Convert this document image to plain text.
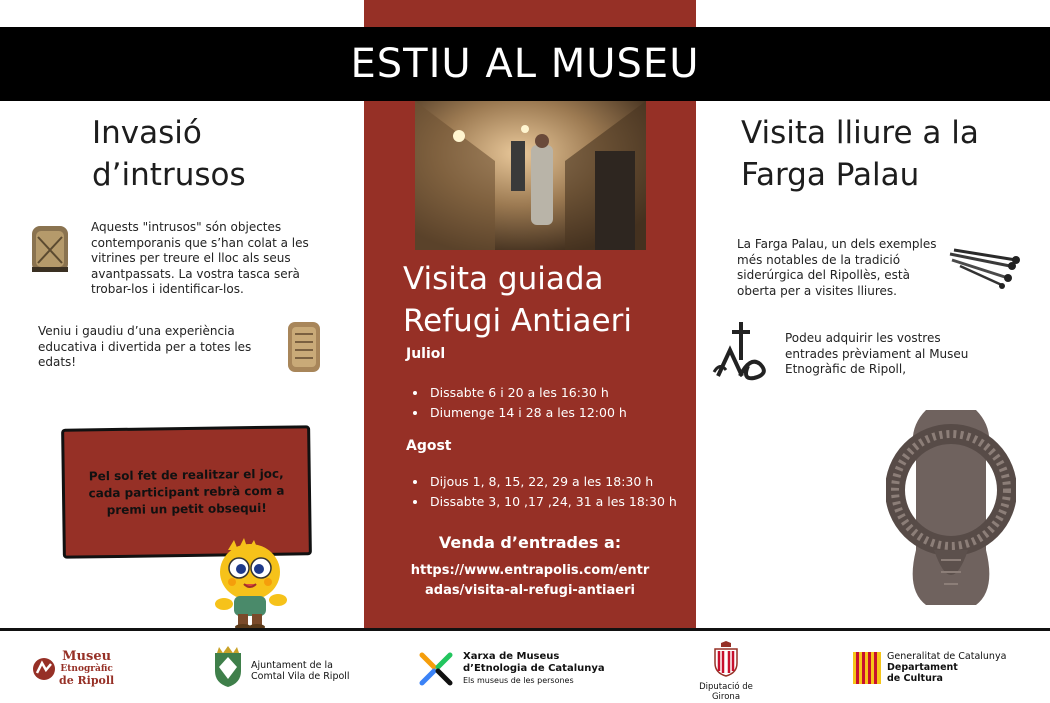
ESTIU AL MUSEU

Invasió

d’intrusos

Aquests "intrusos" són objectes contemporanis que s’han colat a les vitrines per treure el lloc als seus avantpassats. La vostra tasca serà trobar-los i identificar-los.

Veniu i gaudiu d’una experiència educativa i divertida per a totes les edats!

Pel sol fet de realitzar el joc, cada participant rebrà com a premi un petit obsequi!

Visita guiada

Refugi Antiaeri

Juliol

• Dissabte 6 i 20 a les 16:30 h
• Diumenge 14 i 28 a les 12:00 h

Agost

• Dijous 1, 8, 15, 22, 29 a les 18:30 h
• Dissabte 3, 10 ,17 ,24, 31 a les 18:30 h

Venda d’entrades a:

https://www.entrapolis.com/entr

adas/visita-al-refugi-antiaeri

Visita lliure a la

Farga Palau

La Farga Palau, un dels exemples més notables de la tradició siderúrgica del Ripollès, està oberta per a visites lliures.

Podeu adquirir les vostres entrades prèviament al Museu Etnogràfic de Ripoll,

Museu
Etnogràfic
de Ripoll
Ajuntament de la
Comtal Vila de Ripoll
Xarxa de Museus
d’Etnologia de Catalunya
Els museus de les persones
Diputació de Girona
Generalitat de Catalunya
Departament
de Cultura
